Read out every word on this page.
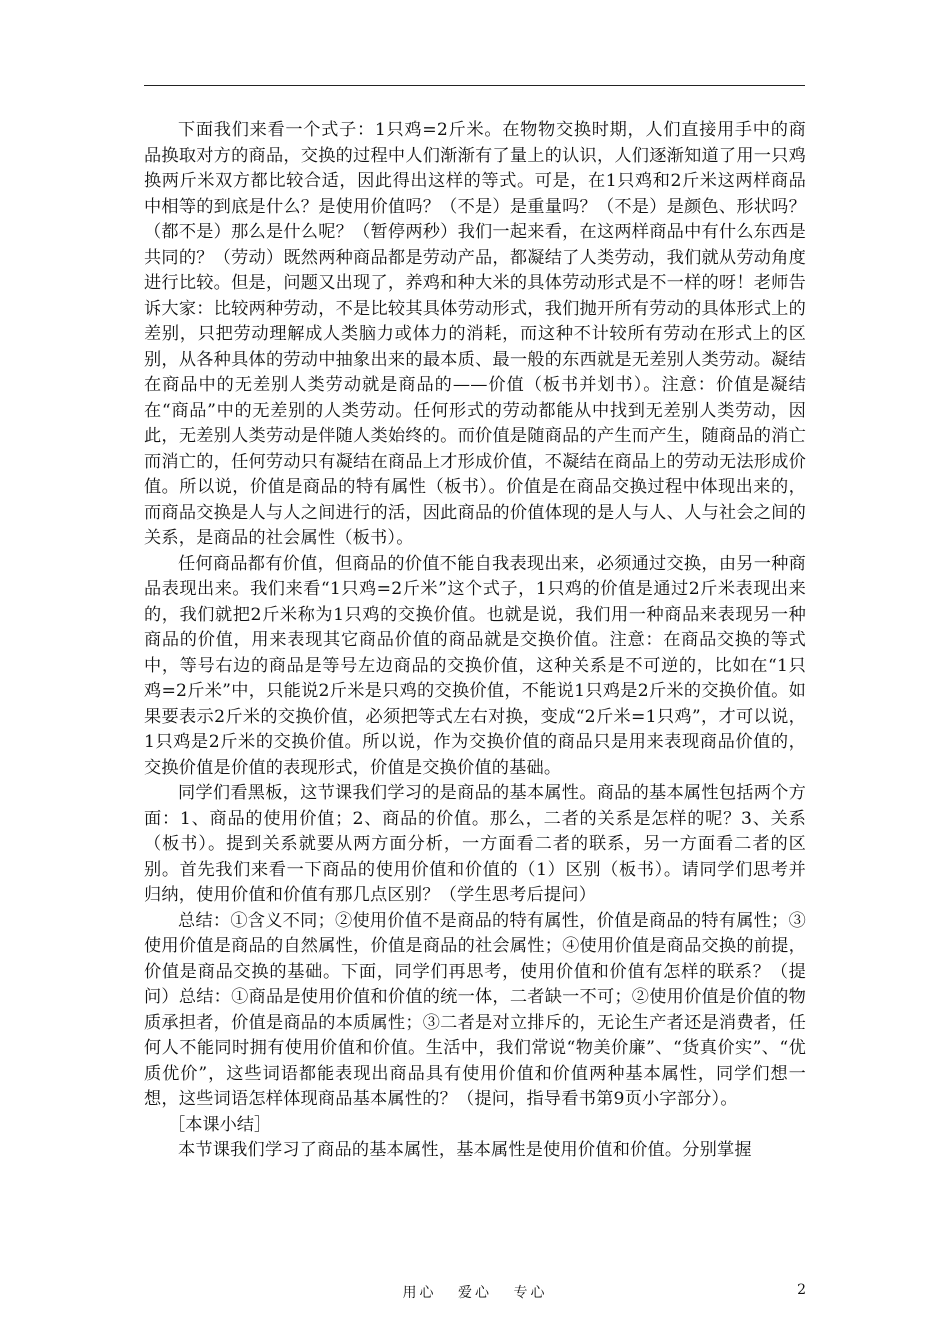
下面我们来看一个式子：1只鸡=2斤米。在物物交换时期，人们直接用手中的商品换取对方的商品，交换的过程中人们渐渐有了量上的认识，人们逐渐知道了用一只鸡换两斤米双方都比较合适，因此得出这样的等式。可是，在1只鸡和2斤米这两样商品中相等的到底是什么？是使用价值吗？（不是）是重量吗？（不是）是颜色、形状吗？（都不是）那么是什么呢？（暂停两秒）我们一起来看，在这两样商品中有什么东西是共同的？（劳动）既然两种商品都是劳动产品，都凝结了人类劳动，我们就从劳动角度进行比较。但是，问题又出现了，养鸡和种大米的具体劳动形式是不一样的呀！老师告诉大家：比较两种劳动，不是比较其具体劳动形式，我们抛开所有劳动的具体形式上的差别，只把劳动理解成人类脑力或体力的消耗，而这种不计较所有劳动在形式上的区别，从各种具体的劳动中抽象出来的最本质、最一般的东西就是无差别人类劳动。凝结在商品中的无差别人类劳动就是商品的——价值（板书并划书）。注意：价值是凝结在“商品”中的无差别的人类劳动。任何形式的劳动都能从中找到无差别人类劳动，因此，无差别人类劳动是伴随人类始终的。而价值是随商品的产生而产生，随商品的消亡而消亡的，任何劳动只有凝结在商品上才形成价值，不凝结在商品上的劳动无法形成价值。所以说，价值是商品的特有属性（板书）。价值是在商品交换过程中体现出来的，而商品交换是人与人之间进行的活，因此商品的价值体现的是人与人、人与社会之间的关系，是商品的社会属性（板书）。

任何商品都有价值，但商品的价值不能自我表现出来，必须通过交换，由另一种商品表现出来。我们来看“1只鸡=2斤米”这个式子，1只鸡的价值是通过2斤米表现出来的，我们就把2斤米称为1只鸡的交换价值。也就是说，我们用一种商品来表现另一种商品的价值，用来表现其它商品价值的商品就是交换价值。注意：在商品交换的等式中，等号右边的商品是等号左边商品的交换价值，这种关系是不可逆的，比如在“1只鸡=2斤米”中，只能说2斤米是只鸡的交换价值，不能说1只鸡是2斤米的交换价值。如果要表示2斤米的交换价值，必须把等式左右对换，变成“2斤米=1只鸡”，才可以说，1只鸡是2斤米的交换价值。所以说，作为交换价值的商品只是用来表现商品价值的，交换价值是价值的表现形式，价值是交换价值的基础。

同学们看黑板，这节课我们学习的是商品的基本属性。商品的基本属性包括两个方面：1、商品的使用价值；2、商品的价值。那么，二者的关系是怎样的呢？3、关系（板书）。提到关系就要从两方面分析，一方面看二者的联系，另一方面看二者的区别。首先我们来看一下商品的使用价值和价值的（1）区别（板书）。请同学们思考并归纳，使用价值和价值有那几点区别？（学生思考后提问）

总结：①含义不同；②使用价值不是商品的特有属性，价值是商品的特有属性；③使用价值是商品的自然属性，价值是商品的社会属性；④使用价值是商品交换的前提，价值是商品交换的基础。下面，同学们再思考，使用价值和价值有怎样的联系？（提问）总结：①商品是使用价值和价值的统一体，二者缺一不可；②使用价值是价值的物质承担者，价值是商品的本质属性；③二者是对立排斥的，无论生产者还是消费者，任何人不能同时拥有使用价值和价值。生活中，我们常说“物美价廉”、“货真价实”、“优质优价”，这些词语都能表现出商品具有使用价值和价值两种基本属性，同学们想一想，这些词语怎样体现商品基本属性的？（提问，指导看书第9页小字部分）。

［本课小结］

本节课我们学习了商品的基本属性，基本属性是使用价值和价值。分别掌握

用心 爱心 专心	2
